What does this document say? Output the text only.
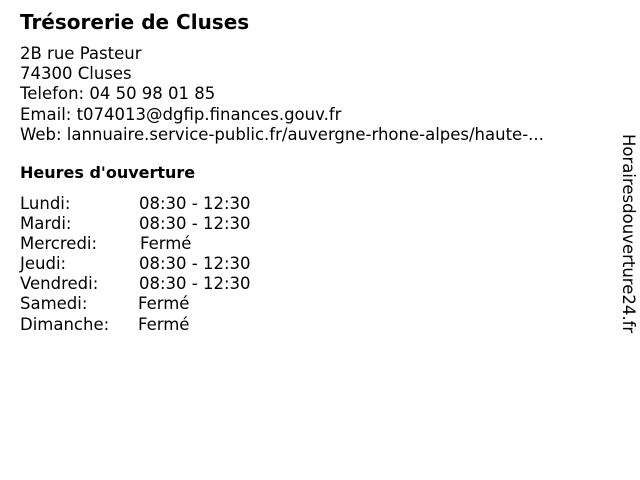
Trésorerie de Cluses
2B rue Pasteur
74300 Cluses
Telefon: 04 50 98 01 85
Email: t074013@dgfip.finances.gouv.fr
Web: lannuaire.service-public.fr/auvergne-rhone-alpes/haute-...
Heures d'ouverture
Lundi:	08:30 - 12:30
Mardi:	08:30 - 12:30
Mercredi:	Fermé
Jeudi:	08:30 - 12:30
Vendredi: 08:30 - 12:30
Samedi:	Fermé
Dimanche: Fermé	Horairesdouverture24.fr
